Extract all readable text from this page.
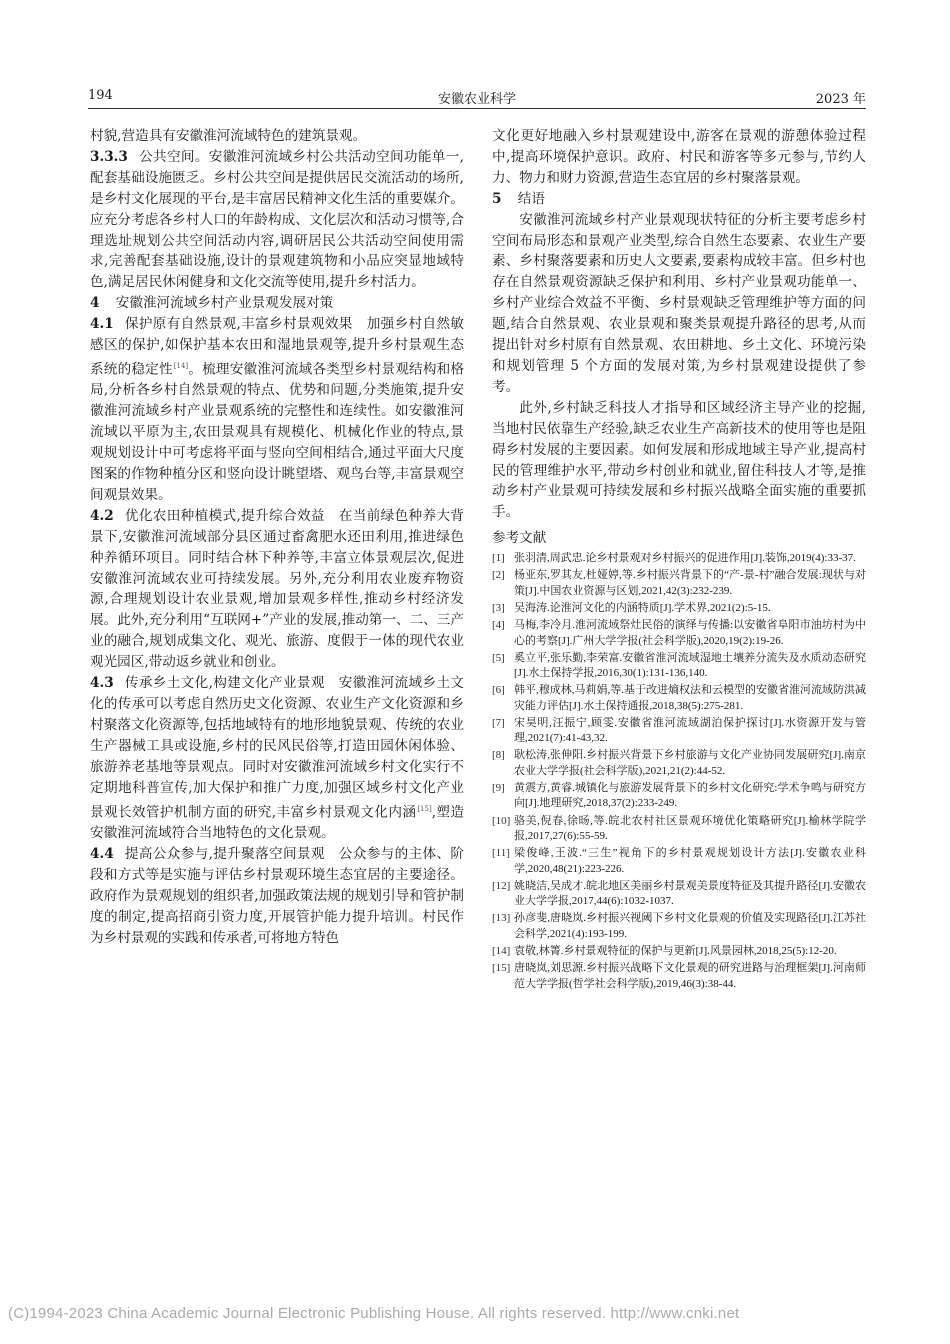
194	安徽农业科学	2023 年

村貌,营造具有安徽淮河流域特色的建筑景观。

3.3.3 公共空间。安徽淮河流域乡村公共活动空间功能单一,配套基础设施匮乏。乡村公共空间是提供居民交流活动的场所,是乡村文化展现的平台,是丰富居民精神文化生活的重要媒介。应充分考虑各乡村人口的年龄构成、文化层次和活动习惯等,合理选址规划公共空间活动内容,调研居民公共活动空间使用需求,完善配套基础设施,设计的景观建筑物和小品应突显地域特色,满足居民休闲健身和文化交流等使用,提升乡村活力。

4 安徽淮河流域乡村产业景观发展对策

4.1 保护原有自然景观,丰富乡村景观效果　加强乡村自然敏感区的保护,如保护基本农田和湿地景观等,提升乡村景观生态系统的稳定性[14]。梳理安徽淮河流域各类型乡村景观结构和格局,分析各乡村自然景观的特点、优势和问题,分类施策,提升安徽淮河流域乡村产业景观系统的完整性和连续性。如安徽淮河流域以平原为主,农田景观具有规模化、机械化作业的特点,景观规划设计中可考虑将平面与竖向空间相结合,通过平面大尺度图案的作物种植分区和竖向设计眺望塔、观鸟台等,丰富景观空间观景效果。

4.2 优化农田种植模式,提升综合效益　在当前绿色种养大背景下,安徽淮河流域部分县区通过畜禽肥水还田利用,推进绿色种养循环项目。同时结合林下种养等,丰富立体景观层次,促进安徽淮河流域农业可持续发展。另外,充分利用农业废弃物资源,合理规划设计农业景观,增加景观多样性,推动乡村经济发展。此外,充分利用“互联网+”产业的发展,推动第一、二、三产业的融合,规划成集文化、观光、旅游、度假于一体的现代农业观光园区,带动返乡就业和创业。

4.3 传承乡土文化,构建文化产业景观　安徽淮河流域乡土文化的传承可以考虑自然历史文化资源、农业生产文化资源和乡村聚落文化资源等,包括地域特有的地形地貌景观、传统的农业生产器械工具或设施,乡村的民风民俗等,打造田园休闲体验、旅游养老基地等景观点。同时对安徽淮河流域乡村文化实行不定期地科普宣传,加大保护和推广力度,加强区域乡村文化产业景观长效管护机制方面的研究,丰富乡村景观文化内涵[15],塑造安徽淮河流域符合当地特色的文化景观。

4.4 提高公众参与,提升聚落空间景观　公众参与的主体、阶段和方式等是实施与评估乡村景观环境生态宜居的主要途径。政府作为景观规划的组织者,加强政策法规的规划引导和管护制度的制定,提高招商引资力度,开展管护能力提升培训。村民作为乡村景观的实践和传承者,可将地方特色

文化更好地融入乡村景观建设中,游客在景观的游憩体验过程中,提高环境保护意识。政府、村民和游客等多元参与,节约人力、物力和财力资源,营造生态宜居的乡村聚落景观。

5 结语

安徽淮河流域乡村产业景观现状特征的分析主要考虑乡村空间布局形态和景观产业类型,综合自然生态要素、农业生产要素、乡村聚落要素和历史人文要素,要素构成较丰富。但乡村也存在自然景观资源缺乏保护和利用、乡村产业景观功能单一、乡村产业综合效益不平衡、乡村景观缺乏管理维护等方面的问题,结合自然景观、农业景观和聚类景观提升路径的思考,从而提出针对乡村原有自然景观、农田耕地、乡土文化、环境污染和规划管理 5 个方面的发展对策,为乡村景观建设提供了参考。

此外,乡村缺乏科技人才指导和区域经济主导产业的挖掘,当地村民依靠生产经验,缺乏农业生产高新技术的使用等也是阻碍乡村发展的主要因素。如何发展和形成地域主导产业,提高村民的管理维护水平,带动乡村创业和就业,留住科技人才等,是推动乡村产业景观可持续发展和乡村振兴战略全面实施的重要抓手。

参考文献
[1] 张羽清,周武忠.论乡村景观对乡村振兴的促进作用[J].装饰,2019(4):33-37.
[2] 杨亚东,罗其友,杜娅婷,等.乡村振兴背景下的“产-景-村”融合发展:现状与对策[J].中国农业资源与区划,2021,42(3):232-239.
[3] 吴海涛.论淮河文化的内涵特质[J].学术界,2021(2):5-15.
[4] 马梅,李冷月.淮河流域祭灶民俗的演绎与传播:以安徽省阜阳市油坊村为中心的考察[J].广州大学学报(社会科学版),2020,19(2):19-26.
[5] 奚立平,张乐勤,李荣富.安徽省淮河流域湿地土壤养分流失及水质动态研究[J].水土保持学报,2016,30(1):131-136,140.
[6] 韩平,穆成林,马莉娟,等.基于改进熵权法和云模型的安徽省淮河流域防洪减灾能力评估[J].水土保持通报,2018,38(5):275-281.
[7] 宋昊明,汪振宁,顾雯.安徽省淮河流域湖泊保护探讨[J].水资源开发与管理,2021(7):41-43,32.
[8] 耿松涛,张伸阳.乡村振兴背景下乡村旅游与文化产业协同发展研究[J].南京农业大学学报(社会科学版),2021,21(2):44-52.
[9] 黄震方,黄睿.城镇化与旅游发展背景下的乡村文化研究:学术争鸣与研究方向[J].地理研究,2018,37(2):233-249.
[10] 骆美,倪春,徐旸,等.皖北农村社区景观环境优化策略研究[J].榆林学院学报,2017,27(6):55-59.
[11] 梁俊峰,王波.“三生”视角下的乡村景观规划设计方法[J].安徽农业科学,2020,48(21):223-226.
[12] 姚晓洁,吴成才.皖北地区美丽乡村景观美景度特征及其提升路径[J].安徽农业大学学报,2017,44(6):1032-1037.
[13] 孙彦斐,唐晓岚.乡村振兴视阈下乡村文化景观的价值及实现路径[J].江苏社会科学,2021(4):193-199.
[14] 袁敬,林箐.乡村景观特征的保护与更新[J].风景园林,2018,25(5):12-20.
[15] 唐晓岚,刘思源.乡村振兴战略下文化景观的研究进路与治理框架[J].河南师范大学学报(哲学社会科学版),2019,46(3):38-44.
(C)1994-2023 China Academic Journal Electronic Publishing House. All rights reserved. http://www.cnki.net
